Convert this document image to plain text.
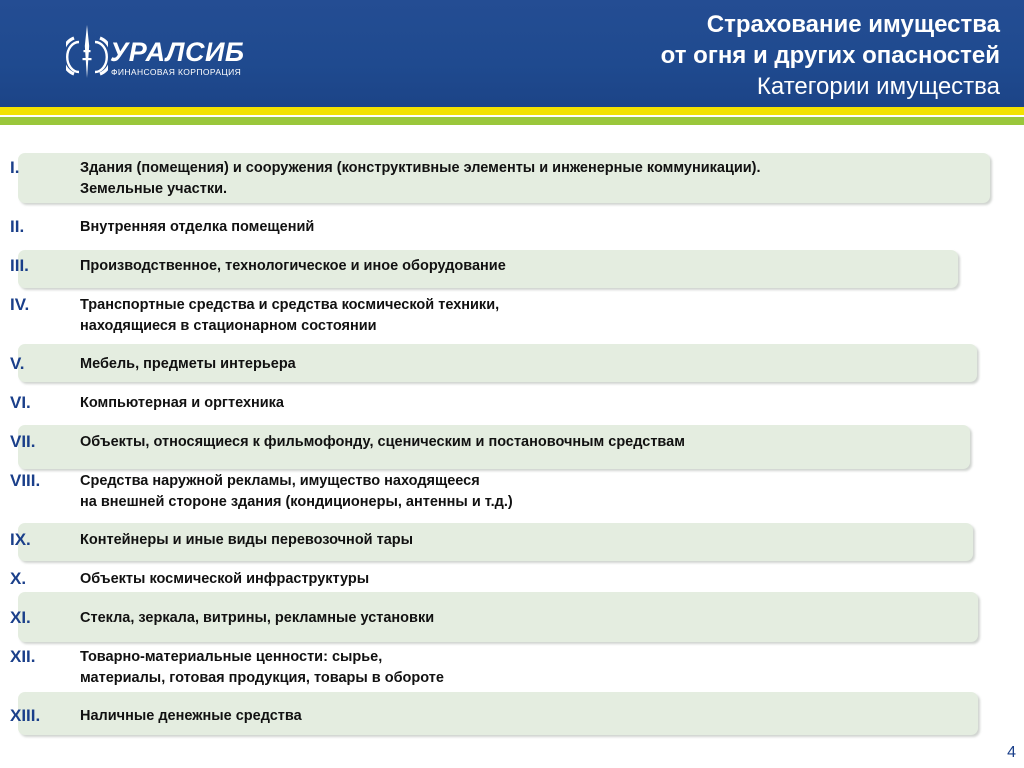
УРАЛСИБ
ФИНАНСОВАЯ КОРПОРАЦИЯ
Страхование имущества
от огня и других опасностей
Категории имущества
I.	Здания (помещения) и сооружения (конструктивные элементы и инженерные коммуникации).
Земельные участки.
II.	Внутренняя отделка помещений
III.	Производственное, технологическое и иное оборудование
IV.	Транспортные средства и средства космической техники,
находящиеся в стационарном состоянии
V.	Мебель, предметы интерьера
VI.	Компьютерная и оргтехника
VII.	Объекты, относящиеся к фильмофонду, сценическим и постановочным средствам
VIII.	Средства наружной рекламы, имущество находящееся
на внешней стороне здания (кондиционеры, антенны и т.д.)
IX.	Контейнеры и иные виды перевозочной тары
X.	Объекты космической инфраструктуры
XI.	Стекла, зеркала, витрины, рекламные установки
XII.	Товарно-материальные ценности: сырье,
материалы, готовая продукция, товары в обороте
XIII.	Наличные денежные средства
4
